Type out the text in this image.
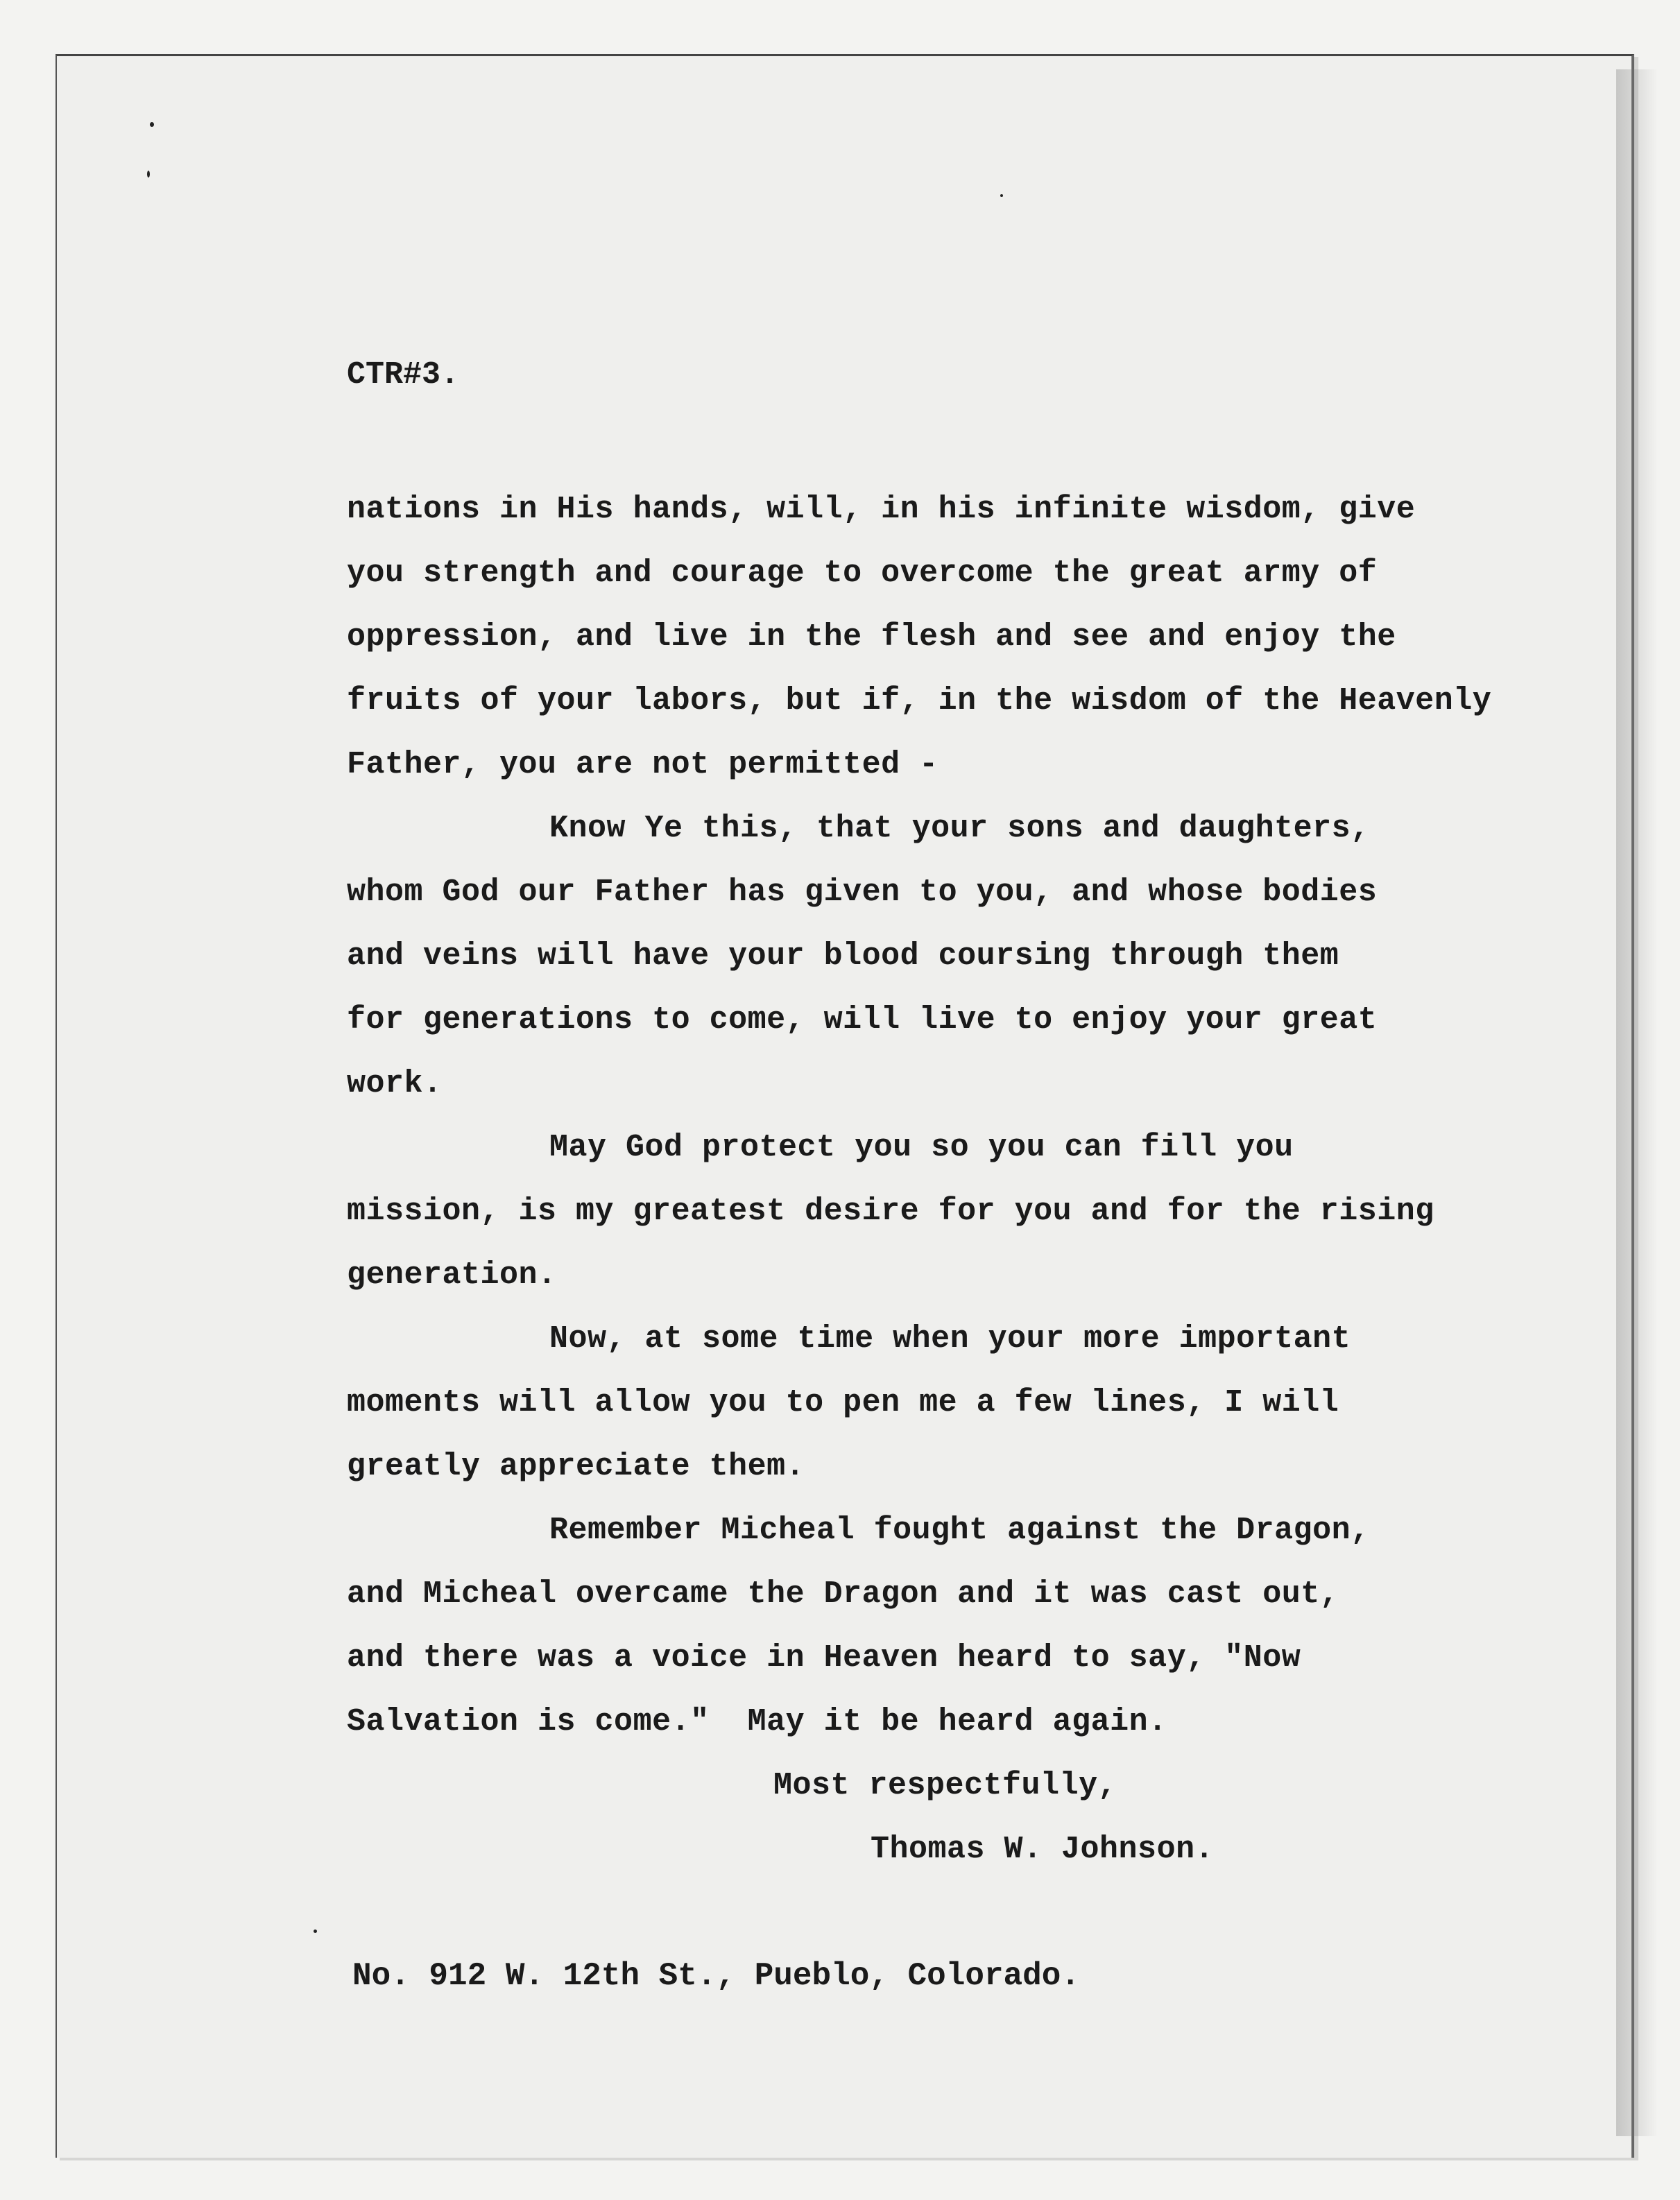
CTR#3.
nations in His hands, will, in his infinite wisdom, give
you strength and courage to overcome the great army of
oppression, and live in the flesh and see and enjoy the
fruits of your labors, but if, in the wisdom of the Heavenly
Father, you are not permitted -
Know Ye this, that your sons and daughters,
whom God our Father has given to you, and whose bodies
and veins will have your blood coursing through them
for generations to come, will live to enjoy your great
work.
May God protect you so you can fill you
mission, is my greatest desire for you and for the rising
generation.
Now, at some time when your more important
moments will allow you to pen me a few lines, I will
greatly appreciate them.
Remember Micheal fought against the Dragon,
and Micheal overcame the Dragon and it was cast out,
and there was a voice in Heaven heard to say, "Now
Salvation is come."  May it be heard again.
Most respectfully,
Thomas W. Johnson.
No. 912 W. 12th St., Pueblo, Colorado.
